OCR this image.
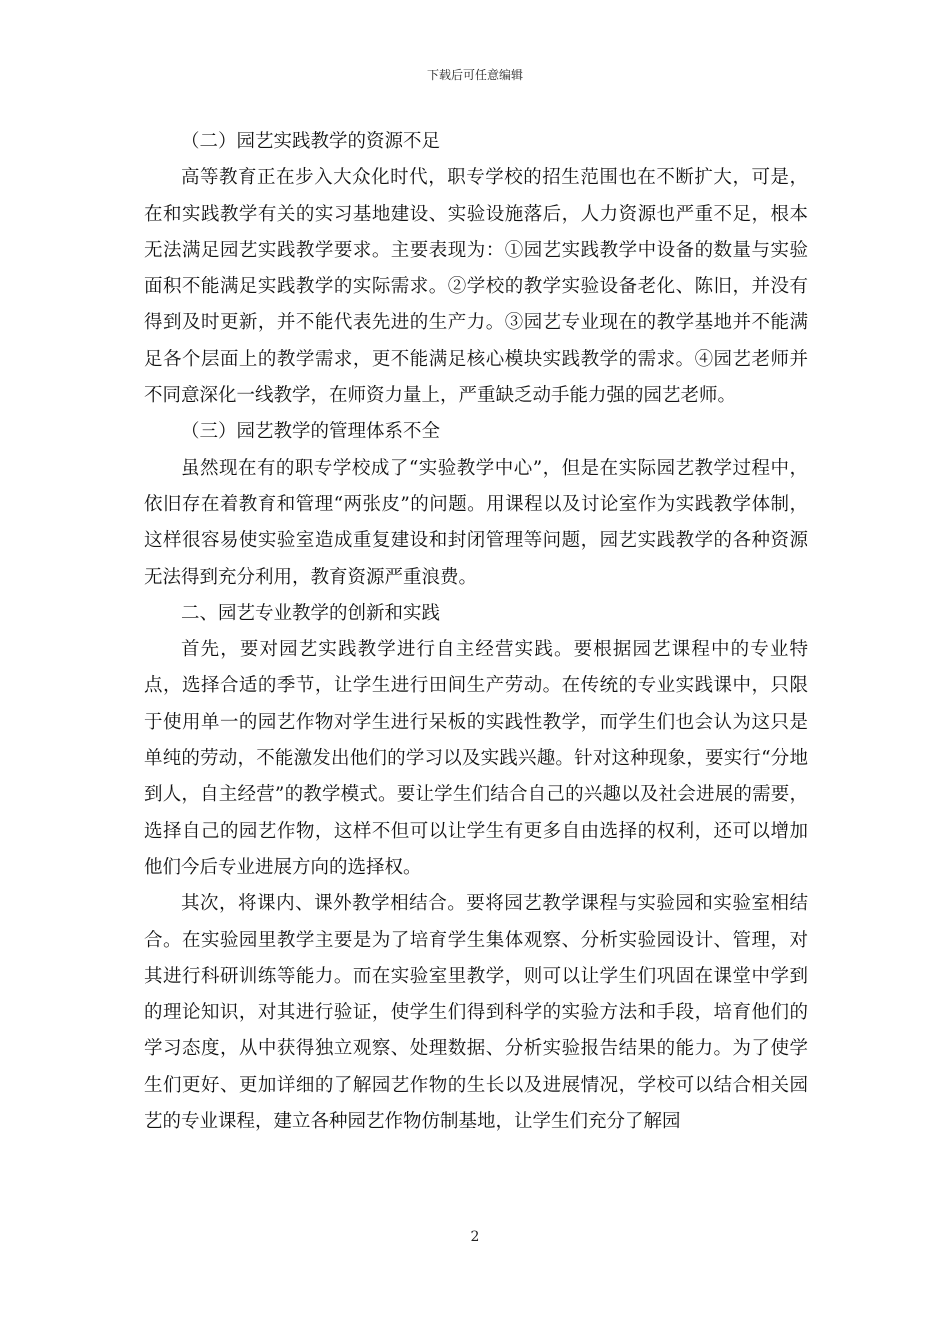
下载后可任意编辑

（二）园艺实践教学的资源不足

高等教育正在步入大众化时代，职专学校的招生范围也在不断扩大，可是，在和实践教学有关的实习基地建设、实验设施落后，人力资源也严重不足，根本无法满足园艺实践教学要求。主要表现为：①园艺实践教学中设备的数量与实验面积不能满足实践教学的实际需求。②学校的教学实验设备老化、陈旧，并没有得到及时更新，并不能代表先进的生产力。③园艺专业现在的教学基地并不能满足各个层面上的教学需求，更不能满足核心模块实践教学的需求。④园艺老师并不同意深化一线教学，在师资力量上，严重缺乏动手能力强的园艺老师。

（三）园艺教学的管理体系不全

虽然现在有的职专学校成了“实验教学中心”，但是在实际园艺教学过程中，依旧存在着教育和管理“两张皮”的问题。用课程以及讨论室作为实践教学体制，这样很容易使实验室造成重复建设和封闭管理等问题，园艺实践教学的各种资源无法得到充分利用，教育资源严重浪费。

二、园艺专业教学的创新和实践

首先，要对园艺实践教学进行自主经营实践。要根据园艺课程中的专业特点，选择合适的季节，让学生进行田间生产劳动。在传统的专业实践课中，只限于使用单一的园艺作物对学生进行呆板的实践性教学，而学生们也会认为这只是单纯的劳动，不能激发出他们的学习以及实践兴趣。针对这种现象，要实行“分地到人，自主经营”的教学模式。要让学生们结合自己的兴趣以及社会进展的需要，选择自己的园艺作物，这样不但可以让学生有更多自由选择的权利，还可以增加他们今后专业进展方向的选择权。

其次，将课内、课外教学相结合。要将园艺教学课程与实验园和实验室相结合。在实验园里教学主要是为了培育学生集体观察、分析实验园设计、管理，对其进行科研训练等能力。而在实验室里教学，则可以让学生们巩固在课堂中学到的理论知识，对其进行验证，使学生们得到科学的实验方法和手段，培育他们的学习态度，从中获得独立观察、处理数据、分析实验报告结果的能力。为了使学生们更好、更加详细的了解园艺作物的生长以及进展情况，学校可以结合相关园艺的专业课程，建立各种园艺作物仿制基地，让学生们充分了解园

2
